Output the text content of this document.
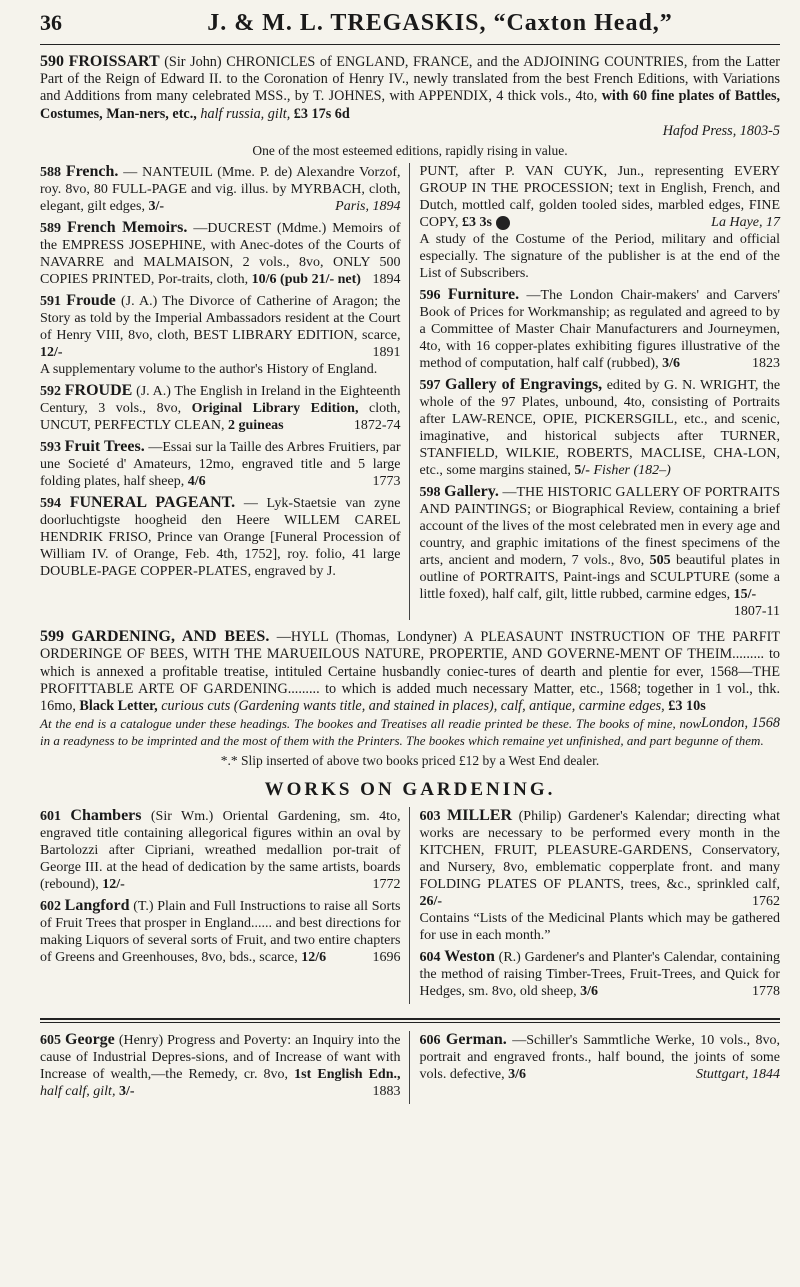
36	J. & M. L. TREGASKIS, “Caxton Head,”
590 FROISSART (Sir John) CHRONICLES of ENGLAND, FRANCE, and the ADJOINING COUNTRIES, from the Latter Part of the Reign of Edward II. to the Coronation of Henry IV., newly translated from the best French Editions, with Variations and Additions from many celebrated MSS., by T. JOHNES, with APPENDIX, 4 thick vols., 4to, with 60 fine plates of Battles, Costumes, Man-ners, etc., half russia, gilt, £3 17s 6d
Hafod Press, 1803-5
One of the most esteemed editions, rapidly rising in value.
588 French. — NANTEUIL (Mme. P. de) Alexandre Vorzof, roy. 8vo, 80 FULL-PAGE and vig. illus. by MYRBACH, cloth, elegant, gilt edges, 3/-	Paris, 1894
589 French Memoirs. —DUCREST (Mdme.) Memoirs of the EMPRESS JOSEPHINE, with Anec-dotes of the Courts of NAVARRE and MALMAISON, 2 vols., 8vo, ONLY 500 COPIES PRINTED, Por-traits, cloth, 10/6 (pub 21/- net) 1894
591 Froude (J. A.) The Divorce of Catherine of Aragon; the Story as told by the Imperial Ambassadors resident at the Court of Henry VIII, 8vo, cloth, BEST LIBRARY EDITION, scarce, 12/-	1891
A supplementary volume to the author's History of England.
592 FROUDE (J. A.) The English in Ireland in the Eighteenth Century, 3 vols., 8vo, Original Library Edition, cloth, UNCUT, PERFECTLY CLEAN, 2 guineas	1872-74
593 Fruit Trees. —Essai sur la Taille des Arbres Fruitiers, par une Societé d' Amateurs, 12mo, engraved title and 5 large folding plates, half sheep, 4/6	1773
594 FUNERAL PAGEANT. — Lyk-Staetsie van zyne doorluchtigste hoogheid den Heere WILLEM CAREL HENDRIK FRISO, Prince van Orange [Funeral Procession of William IV. of Orange, Feb. 4th, 1752], roy. folio, 41 large DOUBLE-PAGE COPPER-PLATES, engraved by J.
PUNT, after P. VAN CUYK, Jun., representing EVERY GROUP IN THE PROCESSION; text in English, French, and Dutch, mottled calf, golden tooled sides, marbled edges, FINE COPY, £3 3s	La Haye, 17
A study of the Costume of the Period, military and official especially. The signature of the publisher is at the end of the List of Subscribers.
596 Furniture. —The London Chair-makers' and Carvers' Book of Prices for Workmanship; as regulated and agreed to by a Committee of Master Chair Manufacturers and Journeymen, 4to, with 16 copper-plates exhibiting figures illustrative of the method of computation, half calf (rubbed), 3/6	1823
597 Gallery of Engravings, edited by G. N. WRIGHT, the whole of the 97 Plates, unbound, 4to, consisting of Portraits after LAW-RENCE, OPIE, PICKERSGILL, etc., and scenic, imaginative, and historical subjects after TURNER, STANFIELD, WILKIE, ROBERTS, MACLISE, CHA-LON, etc., some margins stained, 5/- Fisher (182–)
598 Gallery. —THE HISTORIC GALLERY OF PORTRAITS AND PAINTINGS; or Biographical Review, containing a brief account of the lives of the most celebrated men in every age and country, and graphic imitations of the finest specimens of the arts, ancient and modern, 7 vols., 8vo, 505 beautiful plates in outline of PORTRAITS, Paint-ings and SCULPTURE (some a little foxed), half calf, gilt, little rubbed, carmine edges, 15/-
1807-11
599 GARDENING, AND BEES. —HYLL (Thomas, Londyner) A PLEASAUNT INSTRUCTION OF THE PARFIT ORDERINGE OF BEES, WITH THE MARUEILOUS NATURE, PROPERTIE, AND GOVERNE-MENT OF THEIM......... to which is annexed a profitable treatise, intituled Certaine husbandly coniec-tures of dearth and plentie for ever, 1568—THE PROFITTABLE ARTE OF GARDENING......... to which is added much necessary Matter, etc., 1568; together in 1 vol., thk. 16mo, Black Letter, curious cuts (Gardening wants title, and stained in places), calf, antique, carmine edges, £3 10s
London, 1568
At the end is a catalogue under these headings. The bookes and Treatises all readie printed be these. The books of mine, now in a readyness to be imprinted and the most of them with the Printers. The bookes which remaine yet unfinished, and part begunne of them.
*.* Slip inserted of above two books priced £12 by a West End dealer.
WORKS ON GARDENING.
601 Chambers (Sir Wm.) Oriental Gardening, sm. 4to, engraved title containing allegorical figures within an oval by Bartolozzi after Cipriani, wreathed medallion por-trait of George III. at the head of dedication by the same artists, boards (rebound), 12/-	1772
602 Langford (T.) Plain and Full Instructions to raise all Sorts of Fruit Trees that prosper in England...... and best directions for making Liquors of several sorts of Fruit, and two entire chapters of Greens and Greenhouses, 8vo, bds., scarce, 12/6	1696
603 MILLER (Philip) Gardener's Kalendar; directing what works are necessary to be performed every month in the KITCHEN, FRUIT, PLEASURE-GARDENS, Conservatory, and Nursery, 8vo, emblematic copperplate front. and many FOLDING PLATES OF PLANTS, trees, &c., sprinkled calf, 26/-	1762
Contains “Lists of the Medicinal Plants which may be gathered for use in each month.”
604 Weston (R.) Gardener's and Planter's Calendar, containing the method of raising Timber-Trees, Fruit-Trees, and Quick for Hedges, sm. 8vo, old sheep, 3/6	1778
605 George (Henry) Progress and Poverty: an Inquiry into the cause of Industrial Depres-sions, and of Increase of want with Increase of wealth,—the Remedy, cr. 8vo, 1st English Edn., half calf, gilt, 3/-	1883
606 German. —Schiller's Sammtliche Werke, 10 vols., 8vo, portrait and engraved fronts., half bound, the joints of some vols. defective, 3/6	Stuttgart, 1844
